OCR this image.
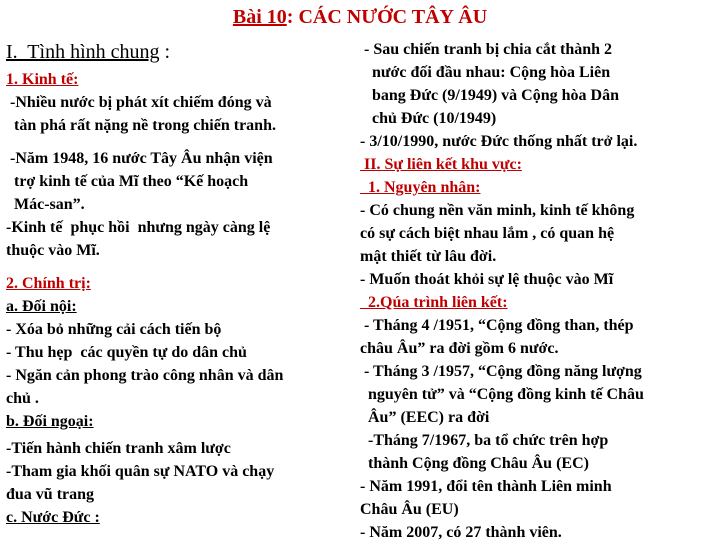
Bài 10: CÁC NƯỚC TÂY ÂU
I.  Tình hình chung :
1. Kinh tế:
-Nhiều nước bị phát xít chiếm đóng và
tàn phá rất nặng nề trong chiến tranh.
-Năm 1948, 16 nước Tây Âu nhận viện
trợ kinh tế của Mĩ theo “Kế hoạch
Mác-san”.
-Kinh tế  phục hồi  nhưng ngày càng lệ
thuộc vào Mĩ.
2. Chính trị:
a. Đối nội:
- Xóa bỏ những cải cách tiến bộ
- Thu hẹp  các quyền tự do dân chủ
- Ngăn cản phong trào công nhân và dân
chủ .
b. Đối ngoại:
-Tiến hành chiến tranh xâm lược
-Tham gia khối quân sự NATO và chạy
đua vũ trang
c. Nước Đức :
- Sau chiến tranh bị chia cắt thành 2
nước đối đầu nhau: Cộng hòa Liên
bang Đức (9/1949) và Cộng hòa Dân
chủ Đức (10/1949)
- 3/10/1990, nước Đức thống nhất trở lại.
II. Sự liên kết khu vực:
1. Nguyên nhân:
- Có chung nền văn minh, kinh tế không
có sự cách biệt nhau lắm , có quan hệ
mật thiết từ lâu đời.
- Muốn thoát khỏi sự lệ thuộc vào Mĩ
2.Qúa trình liên kết:
- Tháng 4 /1951, “Cộng đồng than, thép
châu Âu” ra đời gồm 6 nước.
- Tháng 3 /1957, “Cộng đồng năng lượng
nguyên tử” và “Cộng đồng kinh tế Châu
Âu” (EEC) ra đời
-Tháng 7/1967, ba tổ chức trên hợp
thành Cộng đồng Châu Âu (EC)
- Năm 1991, đổi tên thành Liên minh
Châu Âu (EU)
- Năm 2007, có 27 thành viên.
